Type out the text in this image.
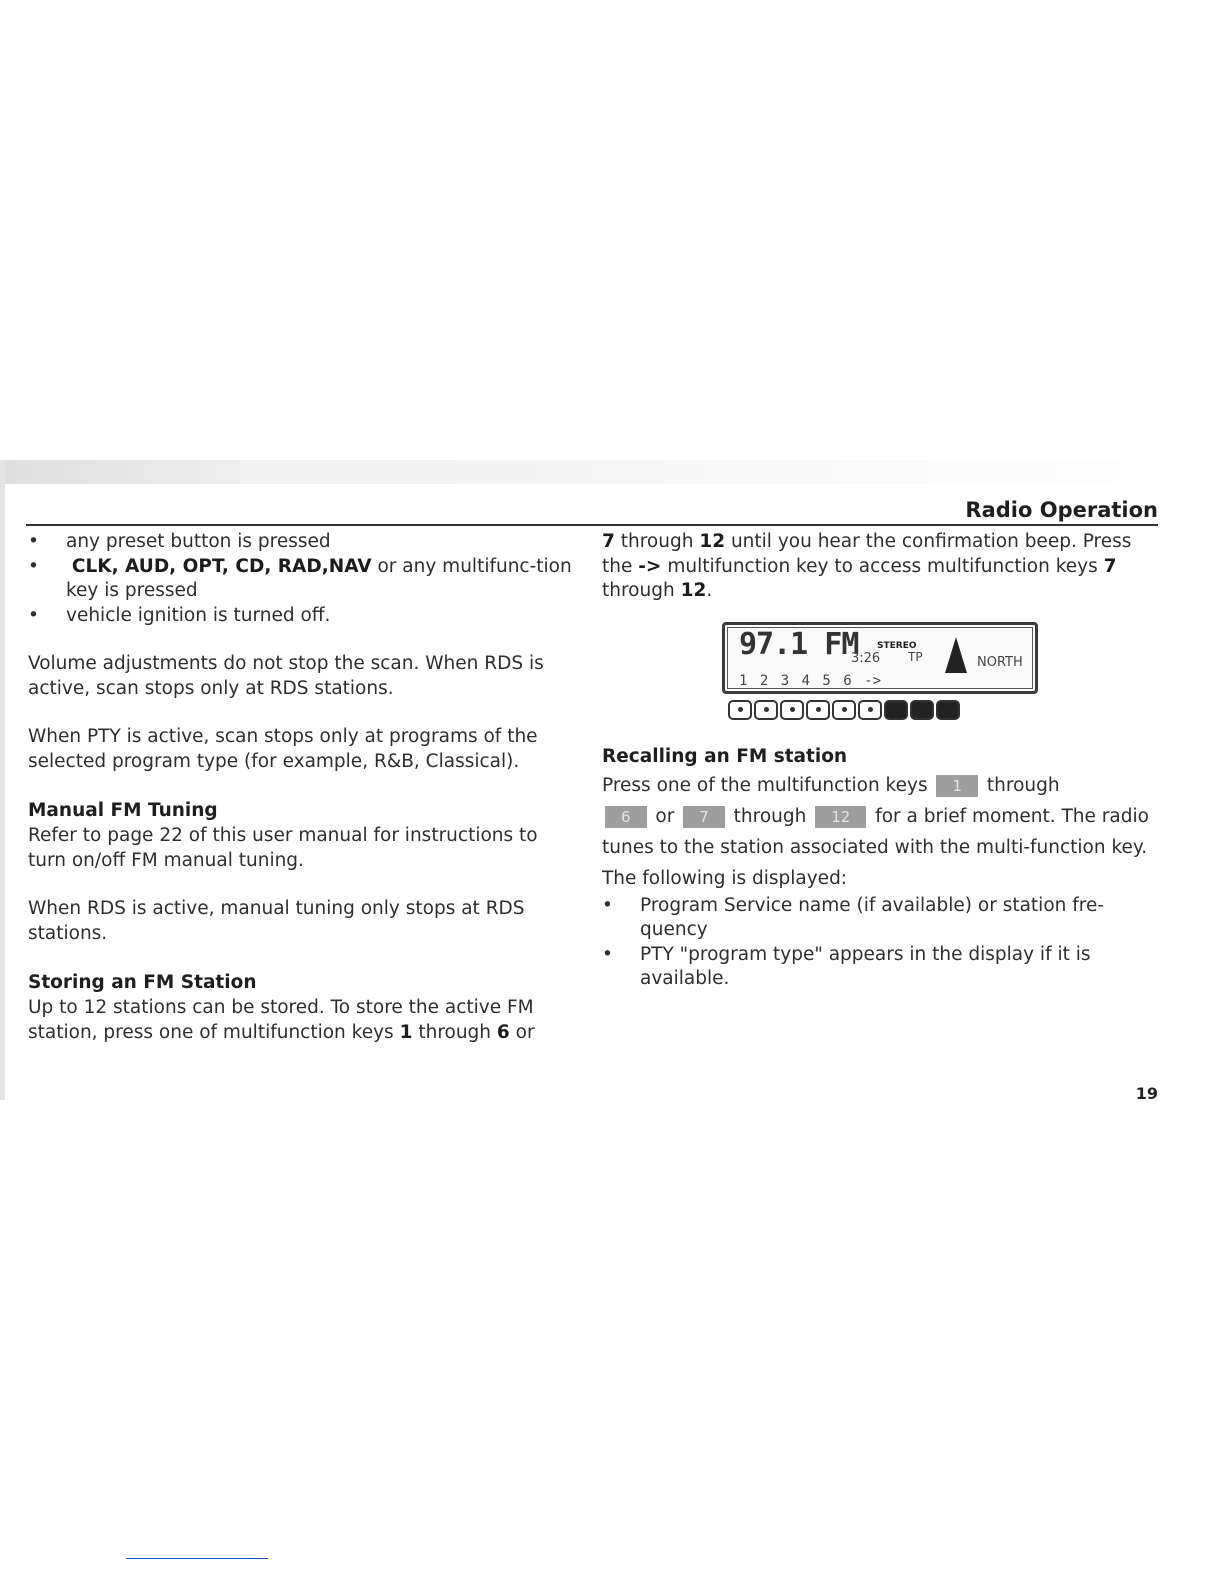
Radio Operation
• any preset button is pressed
• CLK, AUD, OPT, CD, RAD,NAV or any multifunc-tion key is pressed
• vehicle ignition is turned off.

Volume adjustments do not stop the scan. When RDS is active, scan stops only at RDS stations.

When PTY is active, scan stops only at programs of the selected program type (for example, R&B, Classical).

Manual FM Tuning

Refer to page 22 of this user manual for instructions to turn on/off FM manual tuning.

When RDS is active, manual tuning only stops at RDS stations.

Storing an FM Station

Up to 12 stations can be stored. To store the active FM station, press one of multifunction keys 1 through 6 or

7 through 12 until you hear the confirmation beep. Press the -> multifunction key to access multifunction keys 7 through 12.

97.1 FM STEREO
3:26 TP	NORTH
1 2 3 4 5 6 ->
Recalling an FM station

Press one of the multifunction keys 1 through
6 or 7 through 12 for a brief moment. The radio tunes to the station associated with the multi-function key. The following is displayed:

• Program Service name (if available) or station fre-quency
• PTY "program type" appears in the display if it is available.
19
